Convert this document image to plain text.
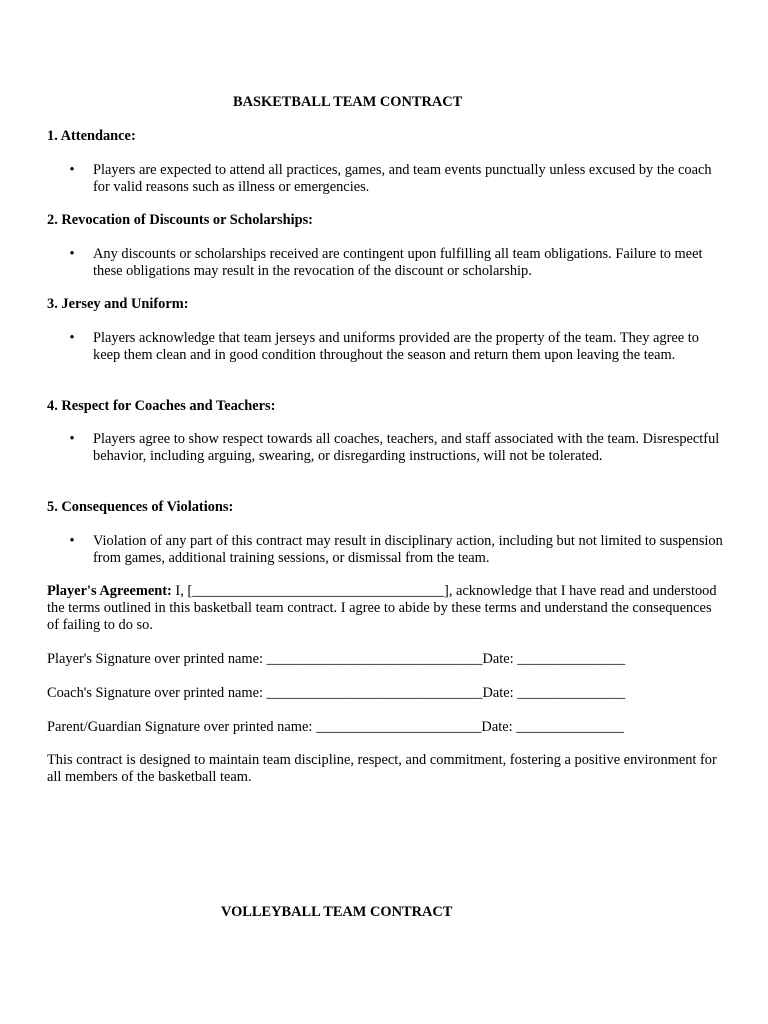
BASKETBALL TEAM CONTRACT
1. Attendance:
• Players are expected to attend all practices, games, and team events punctually unless excused by the coach for valid reasons such as illness or emergencies.
2. Revocation of Discounts or Scholarships:
• Any discounts or scholarships received are contingent upon fulfilling all team obligations. Failure to meet these obligations may result in the revocation of the discount or scholarship.
3. Jersey and Uniform:
• Players acknowledge that team jerseys and uniforms provided are the property of the team. They agree to keep them clean and in good condition throughout the season and return them upon leaving the team.
4. Respect for Coaches and Teachers:
• Players agree to show respect towards all coaches, teachers, and staff associated with the team. Disrespectful behavior, including arguing, swearing, or disregarding instructions, will not be tolerated.
5. Consequences of Violations:
• Violation of any part of this contract may result in disciplinary action, including but not limited to suspension from games, additional training sessions, or dismissal from the team.
Player's Agreement: I, [___________________________________], acknowledge that I have read and understood the terms outlined in this basketball team contract. I agree to abide by these terms and understand the consequences of failing to do so.
Player's Signature over printed name: ______________________________Date: _______________
Coach's Signature over printed name: ______________________________Date: _______________
Parent/Guardian Signature over printed name: _______________________Date: _______________
This contract is designed to maintain team discipline, respect, and commitment, fostering a positive environment for all members of the basketball team.
VOLLEYBALL TEAM CONTRACT
